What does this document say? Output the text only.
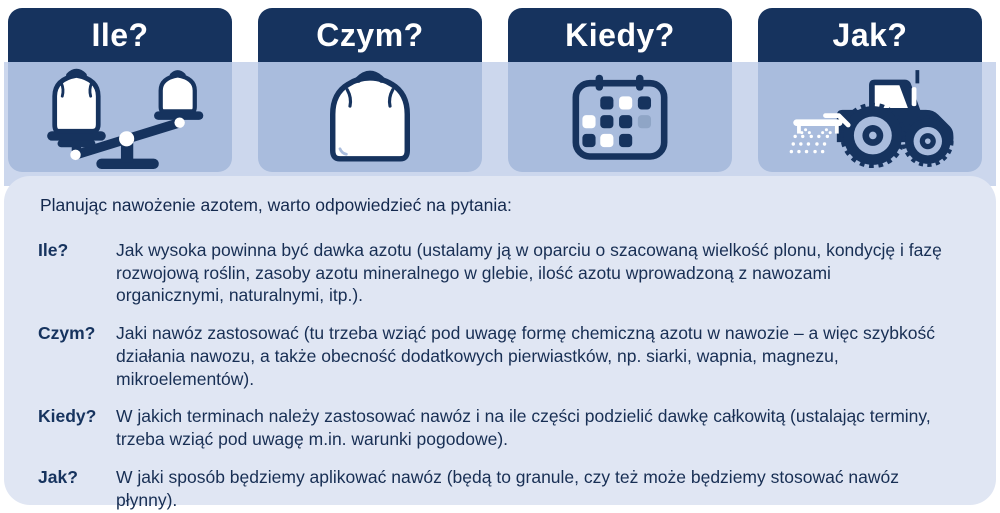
Ile?	Czym?	Kiedy?	Jak?
Planując nawożenie azotem, warto odpowiedzieć na pytania:
Ile?	Jak wysoka powinna być dawka azotu (ustalamy ją w oparciu o szacowaną wielkość plonu, kondycję i fazę rozwojową roślin, zasoby azotu mineralnego w glebie, ilość azotu wprowadzoną z nawozami organicznymi, naturalnymi, itp.).
Czym?	Jaki nawóz zastosować (tu trzeba wziąć pod uwagę formę chemiczną azotu w nawozie – a więc szybkość działania nawozu, a także obecność dodatkowych pierwiastków, np. siarki, wapnia, magnezu, mikroelementów).
Kiedy?	W jakich terminach należy zastosować nawóz i na ile części podzielić dawkę całkowitą (ustalając terminy, trzeba wziąć pod uwagę m.in. warunki pogodowe).
Jak?	W jaki sposób będziemy aplikować nawóz (będą to granule, czy też może będziemy stosować nawóz płynny).
